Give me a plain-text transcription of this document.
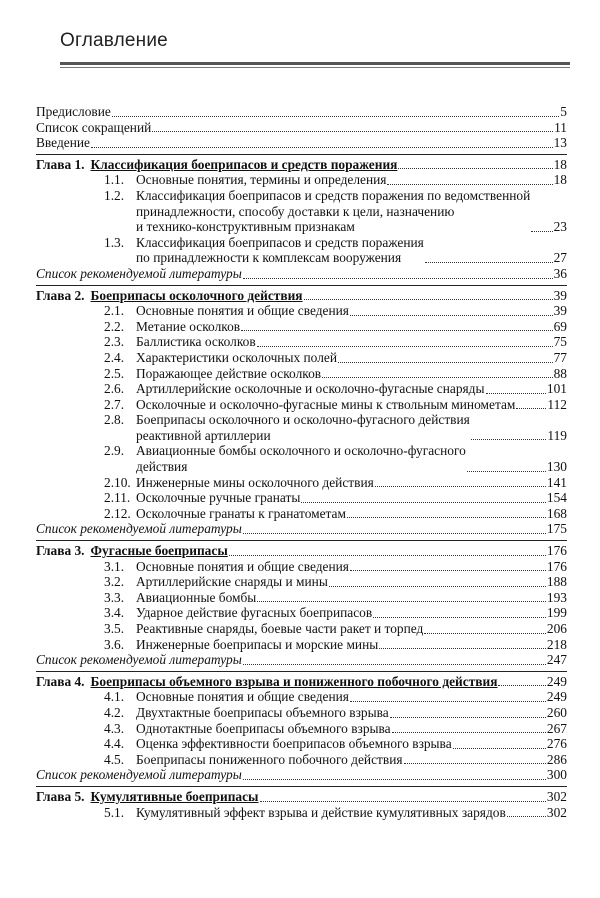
Оглавление
Предисловие	5
Список сокращений	11
Введение	13
Глава 1. Классификация боеприпасов и средств поражения	18
1.1. Основные понятия, термины и определения	18
1.2. Классификация боеприпасов и средств поражения по ведомственной
принадлежности, способу доставки к цели, назначению
и технико-конструктивным признакам	23
1.3. Классификация боеприпасов и средств поражения
по принадлежности к комплексам вооружения	27
Список рекомендуемой литературы	36
Глава 2. Боеприпасы осколочного действия	39
2.1. Основные понятия и общие сведения	39
2.2. Метание осколков	69
2.3. Баллистика осколков	75
2.4. Характеристики осколочных полей	77
2.5. Поражающее действие осколков	88
2.6. Артиллерийские осколочные и осколочно-фугасные снаряды	101
2.7. Осколочные и осколочно-фугасные мины к ствольным минометам 112
2.8. Боеприпасы осколочного и осколочно-фугасного действия
реактивной артиллерии	119
2.9. Авиационные бомбы осколочного и осколочно-фугасного
действия	130
2.10. Инженерные мины осколочного действия	141
2.11. Осколочные ручные гранаты	154
2.12. Осколочные гранаты к гранатометам	168
Список рекомендуемой литературы	175
Глава 3. Фугасные боеприпасы	176
3.1. Основные понятия и общие сведения	176
3.2. Артиллерийские снаряды и мины	188
3.3. Авиационные бомбы	193
3.4. Ударное действие фугасных боеприпасов	199
3.5. Реактивные снаряды, боевые части ракет и торпед	206
3.6. Инженерные боеприпасы и морские мины	218
Список рекомендуемой литературы	247
Глава 4. Боеприпасы объемного взрыва и пониженного побочного действия	249
4.1. Основные понятия и общие сведения	249
4.2. Двухтактные боеприпасы объемного взрыва	260
4.3. Однотактные боеприпасы объемного взрыва	267
4.4. Оценка эффективности боеприпасов объемного взрыва	276
4.5. Боеприпасы пониженного побочного действия	286
Список рекомендуемой литературы	300
Глава 5. Кумулятивные боеприпасы	302
5.1. Кумулятивный эффект взрыва и действие кумулятивных зарядов	302
